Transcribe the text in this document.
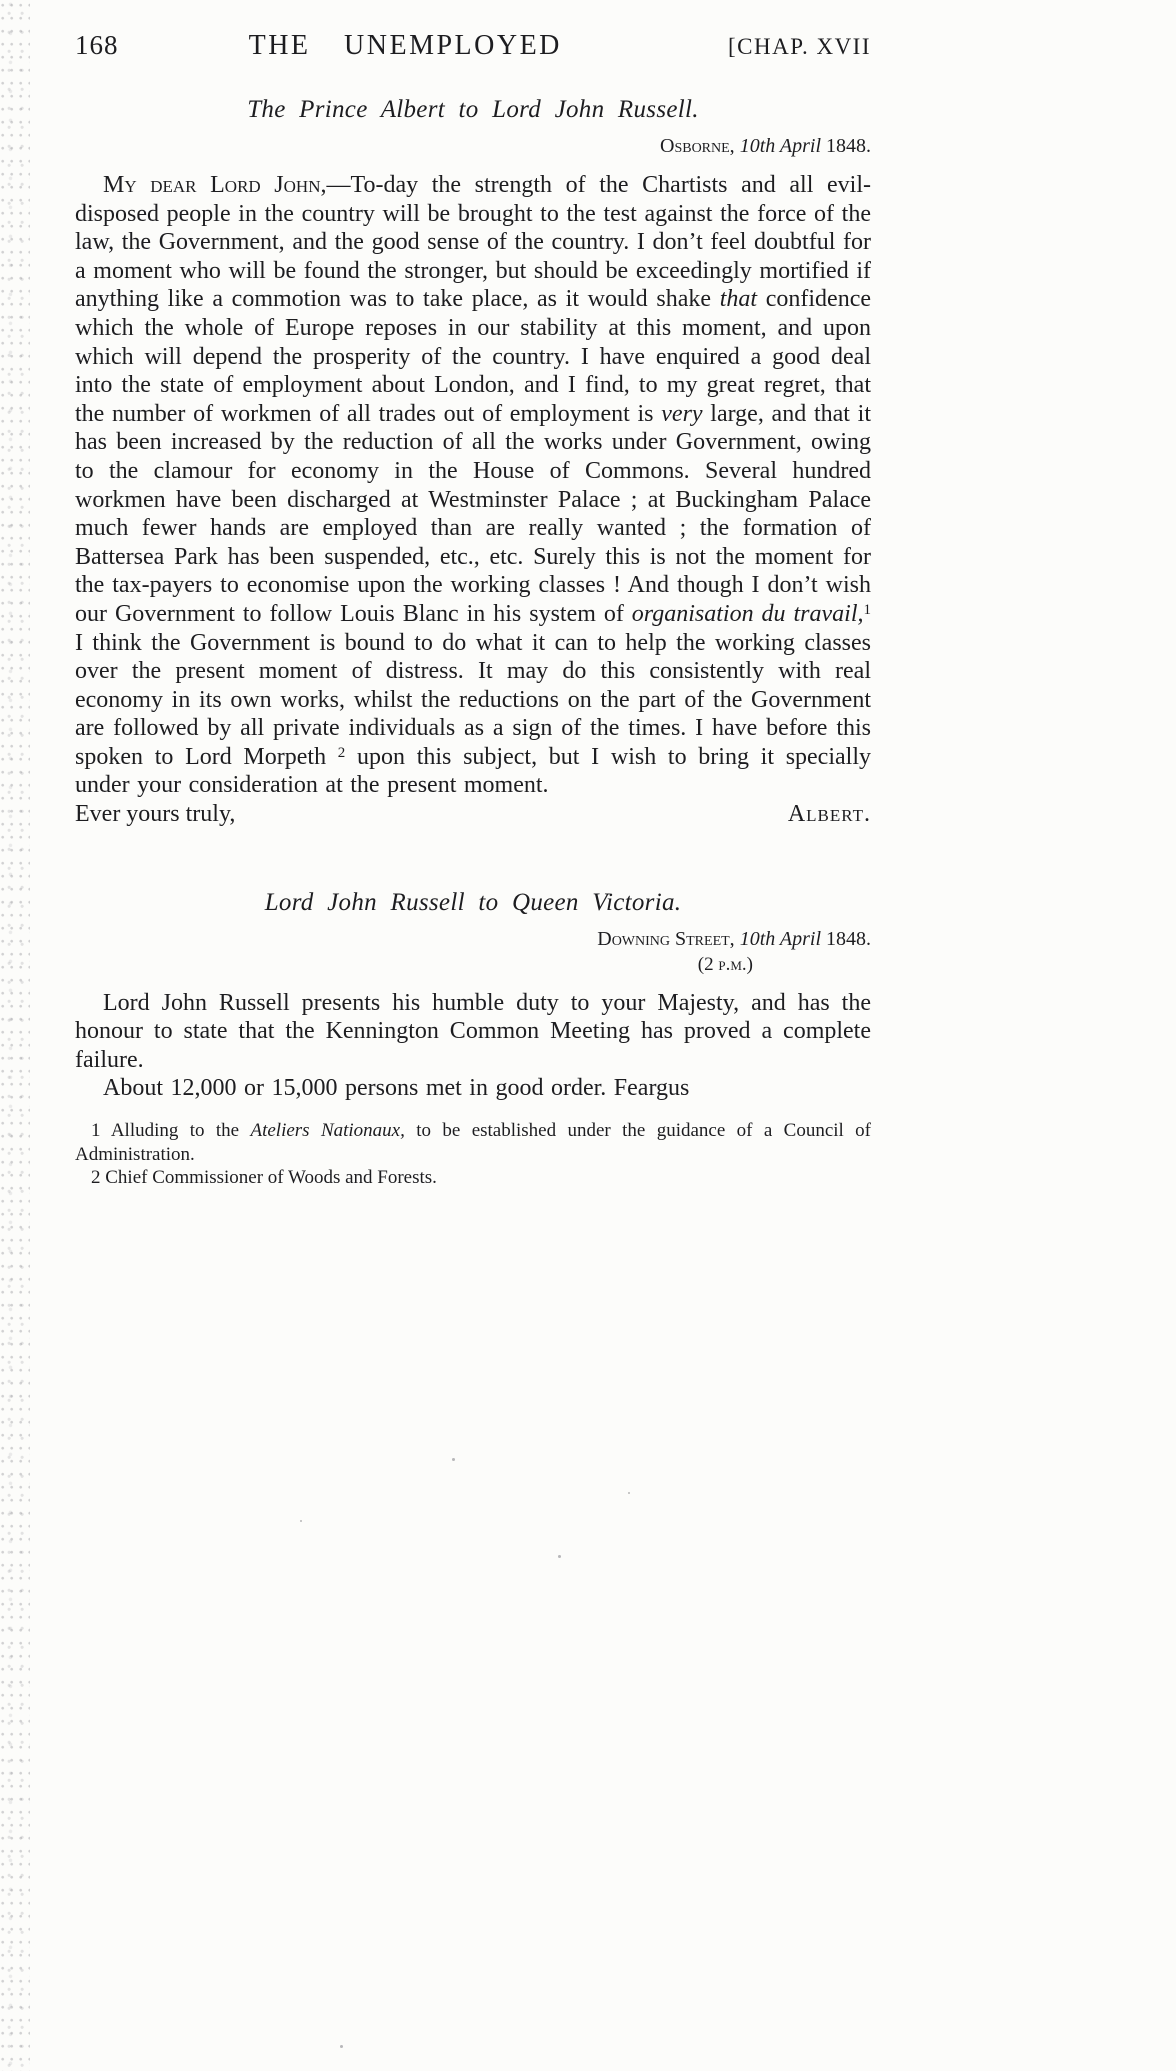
168	THE UNEMPLOYED	[CHAP. XVII
The Prince Albert to Lord John Russell.

Osborne, 10th April 1848.

My dear Lord John,—To-day the strength of the Chartists and all evil-disposed people in the country will be brought to the test against the force of the law, the Government, and the good sense of the country. I don’t feel doubtful for a moment who will be found the stronger, but should be exceedingly mortified if anything like a commotion was to take place, as it would shake that confidence which the whole of Europe reposes in our stability at this moment, and upon which will depend the prosperity of the country. I have enquired a good deal into the state of employment about London, and I find, to my great regret, that the number of workmen of all trades out of employment is very large, and that it has been increased by the reduction of all the works under Government, owing to the clamour for economy in the House of Commons. Several hundred workmen have been discharged at Westminster Palace ; at Buckingham Palace much fewer hands are employed than are really wanted ; the formation of Battersea Park has been suspended, etc., etc. Surely this is not the moment for the tax-payers to economise upon the working classes ! And though I don’t wish our Government to follow Louis Blanc in his system of organisation du travail,$^1$ I think the Government is bound to do what it can to help the working classes over the present moment of distress. It may do this consistently with real economy in its own works, whilst the reductions on the part of the Government are followed by all private individuals as a sign of the times. I have before this spoken to Lord Morpeth $^2$ upon this subject, but I wish to bring it specially under your consideration at the present moment.

Ever yours truly,	Albert.

Lord John Russell to Queen Victoria.

Downing Street, 10th April 1848.

(2 p.m.)

Lord John Russell presents his humble duty to your Majesty, and has the honour to state that the Kennington Common Meeting has proved a complete failure.

About 12,000 or 15,000 persons met in good order. Feargus

1 Alluding to the Ateliers Nationaux, to be established under the guidance of a Council of Administration.

2 Chief Commissioner of Woods and Forests.
